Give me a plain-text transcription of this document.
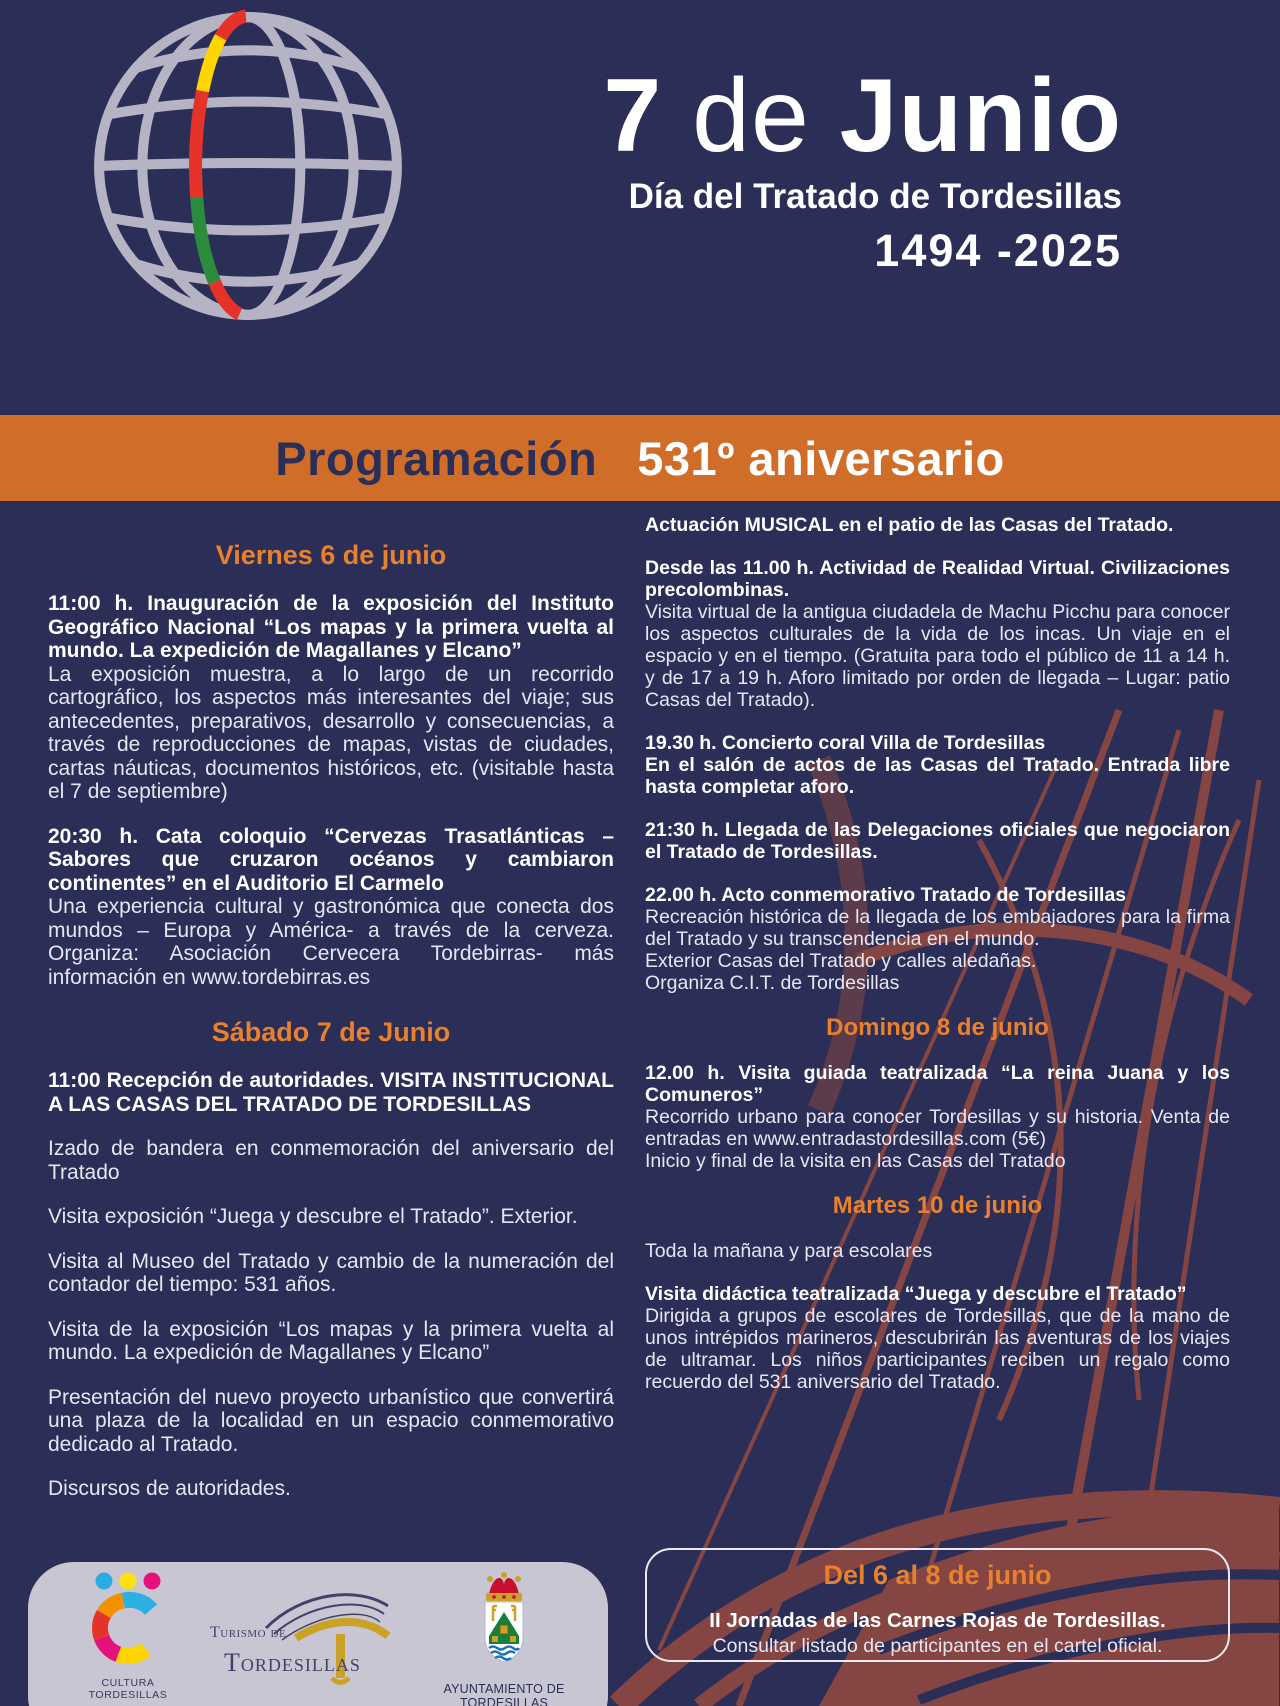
7 de Junio
Día del Tratado de Tordesillas
1494 -2025
Programación 531º aniversario

Viernes 6 de junio

11:00 h. Inauguración de la exposición del Instituto Geográfico Nacional “Los mapas y la primera vuelta al mundo. La expedición de Magallanes y Elcano”

La exposición muestra, a lo largo de un recorrido cartográfico, los aspectos más interesantes del viaje; sus antecedentes, preparativos, desarrollo y consecuencias, a través de reproducciones de mapas, vistas de ciudades, cartas náuticas, documentos históricos, etc. (visitable hasta el 7 de septiembre)

20:30 h. Cata coloquio “Cervezas Trasatlánticas – Sabores que cruzaron océanos y cambiaron continentes” en el Auditorio El Carmelo

Una experiencia cultural y gastronómica que conecta dos mundos – Europa y América- a través de la cerveza. Organiza: Asociación Cervecera Tordebirras- más información en www.tordebirras.es

Sábado 7 de Junio

11:00 Recepción de autoridades. VISITA INSTITUCIONAL A LAS CASAS DEL TRATADO DE TORDESILLAS

Izado de bandera en conmemoración del aniversario del Tratado

Visita exposición “Juega y descubre el Tratado”. Exterior.

Visita al Museo del Tratado y cambio de la numeración del contador del tiempo: 531 años.

Visita de la exposición “Los mapas y la primera vuelta al mundo. La expedición de Magallanes y Elcano”

Presentación del nuevo proyecto urbanístico que convertirá una plaza de la localidad en un espacio conmemorativo dedicado al Tratado.

Discursos de autoridades.

Actuación MUSICAL en el patio de las Casas del Tratado.

Desde las 11.00 h. Actividad de Realidad Virtual. Civilizaciones precolombinas.

Visita virtual de la antigua ciudadela de Machu Picchu para conocer los aspectos culturales de la vida de los incas. Un viaje en el espacio y en el tiempo. (Gratuita para todo el público de 11 a 14 h. y de 17 a 19 h. Aforo limitado por orden de llegada – Lugar: patio Casas del Tratado).

19.30 h. Concierto coral Villa de Tordesillas

En el salón de actos de las Casas del Tratado. Entrada libre hasta completar aforo.

21:30 h. Llegada de las Delegaciones oficiales que negociaron el Tratado de Tordesillas.

22.00 h. Acto conmemorativo Tratado de Tordesillas

Recreación histórica de la llegada de los embajadores para la firma del Tratado y su transcendencia en el mundo.

Exterior Casas del Tratado y calles aledañas.

Organiza C.I.T. de Tordesillas

Domingo 8 de junio

12.00 h. Visita guiada teatralizada “La reina Juana y los Comuneros”

Recorrido urbano para conocer Tordesillas y su historia. Venta de entradas en www.entradastordesillas.com (5€)

Inicio y final de la visita en las Casas del Tratado

Martes 10 de junio

Toda la mañana y para escolares

Visita didáctica teatralizada “Juega y descubre el Tratado”

Dirigida a grupos de escolares de Tordesillas, que de la mano de unos intrépidos marineros, descubrirán las aventuras de los viajes de ultramar. Los niños participantes reciben un regalo como recuerdo del 531 aniversario del Tratado.

Del 6 al 8 de junio
II Jornadas de las Carnes Rojas de Tordesillas.
Consultar listado de participantes en el cartel oficial.
CULTURA TORDESILLAS
Turismo de
Tordesillas
AYUNTAMIENTO DE TORDESILLAS
